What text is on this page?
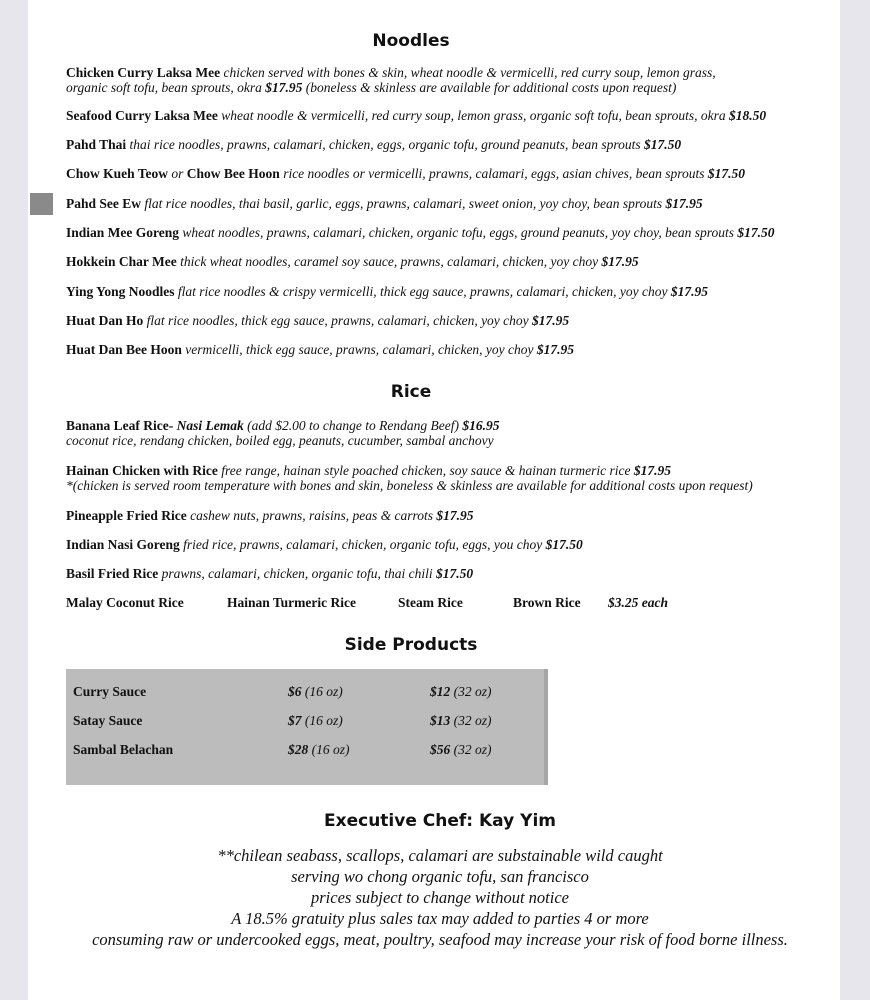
Noodles
Chicken Curry Laksa Mee chicken served with bones & skin, wheat noodle & vermicelli, red curry soup, lemon grass,
organic soft tofu, bean sprouts, okra $17.95 (boneless & skinless are available for additional costs upon request)
Seafood Curry Laksa Mee wheat noodle & vermicelli, red curry soup, lemon grass, organic soft tofu, bean sprouts, okra $18.50
Pahd Thai thai rice noodles, prawns, calamari, chicken, eggs, organic tofu, ground peanuts, bean sprouts $17.50
Chow Kueh Teow or Chow Bee Hoon rice noodles or vermicelli, prawns, calamari, eggs, asian chives, bean sprouts $17.50
Pahd See Ew flat rice noodles, thai basil, garlic, eggs, prawns, calamari, sweet onion, yoy choy, bean sprouts $17.95
Indian Mee Goreng wheat noodles, prawns, calamari, chicken, organic tofu, eggs, ground peanuts, yoy choy, bean sprouts $17.50
Hokkein Char Mee thick wheat noodles, caramel soy sauce, prawns, calamari, chicken, yoy choy $17.95
Ying Yong Noodles flat rice noodles & crispy vermicelli, thick egg sauce, prawns, calamari, chicken, yoy choy $17.95
Huat Dan Ho flat rice noodles, thick egg sauce, prawns, calamari, chicken, yoy choy $17.95
Huat Dan Bee Hoon vermicelli, thick egg sauce, prawns, calamari, chicken, yoy choy $17.95
Rice
Banana Leaf Rice- Nasi Lemak (add $2.00 to change to Rendang Beef) $16.95
coconut rice, rendang chicken, boiled egg, peanuts, cucumber, sambal anchovy
Hainan Chicken with Rice free range, hainan style poached chicken, soy sauce & hainan turmeric rice $17.95
*(chicken is served room temperature with bones and skin, boneless & skinless are available for additional costs upon request)
Pineapple Fried Rice cashew nuts, prawns, raisins, peas & carrots $17.95
Indian Nasi Goreng fried rice, prawns, calamari, chicken, organic tofu, eggs, you choy $17.50
Basil Fried Rice prawns, calamari, chicken, organic tofu, thai chili $17.50
Malay Coconut Rice	Hainan Turmeric Rice	Steam Rice	Brown Rice $3.25 each
Side Products
Curry Sauce	$6 (16 oz)	$12 (32 oz)
Satay Sauce	$7 (16 oz)	$13 (32 oz)
Sambal Belachan	$28 (16 oz)	$56 (32 oz)
Executive Chef: Kay Yim
**chilean seabass, scallops, calamari are substainable wild caught
serving wo chong organic tofu, san francisco
prices subject to change without notice
A 18.5% gratuity plus sales tax may added to parties 4 or more
consuming raw or undercooked eggs, meat, poultry, seafood may increase your risk of food borne illness.
